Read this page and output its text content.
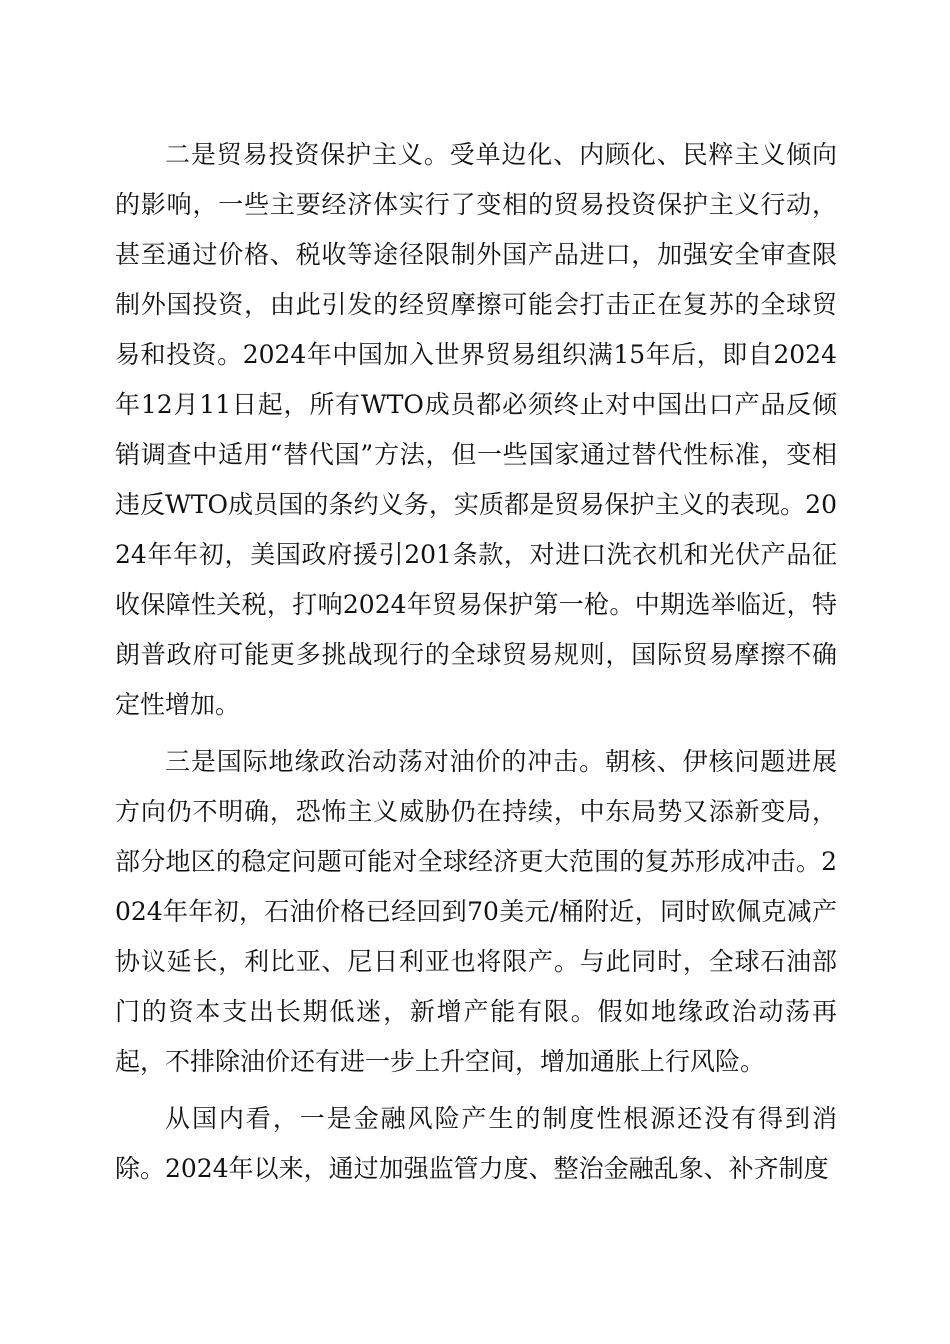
二是贸易投资保护主义。受单边化、内顾化、民粹主义倾向的影响，一些主要经济体实行了变相的贸易投资保护主义行动，甚至通过价格、税收等途径限制外国产品进口，加强安全审查限制外国投资，由此引发的经贸摩擦可能会打击正在复苏的全球贸易和投资。2024年中国加入世界贸易组织满15年后，即自2024年12月11日起，所有WTO成员都必须终止对中国出口产品反倾销调查中适用“替代国”方法，但一些国家通过替代性标准，变相违反WTO成员国的条约义务，实质都是贸易保护主义的表现。2024年年初，美国政府援引201条款，对进口洗衣机和光伏产品征收保障性关税，打响2024年贸易保护第一枪。中期选举临近，特朗普政府可能更多挑战现行的全球贸易规则，国际贸易摩擦不确定性增加。

三是国际地缘政治动荡对油价的冲击。朝核、伊核问题进展方向仍不明确，恐怖主义威胁仍在持续，中东局势又添新变局，部分地区的稳定问题可能对全球经济更大范围的复苏形成冲击。2024年年初，石油价格已经回到70美元/桶附近，同时欧佩克减产协议延长，利比亚、尼日利亚也将限产。与此同时，全球石油部门的资本支出长期低迷，新增产能有限。假如地缘政治动荡再起，不排除油价还有进一步上升空间，增加通胀上行风险。

从国内看，一是金融风险产生的制度性根源还没有得到消除。2024年以来，通过加强监管力度、整治金融乱象、补齐制度
